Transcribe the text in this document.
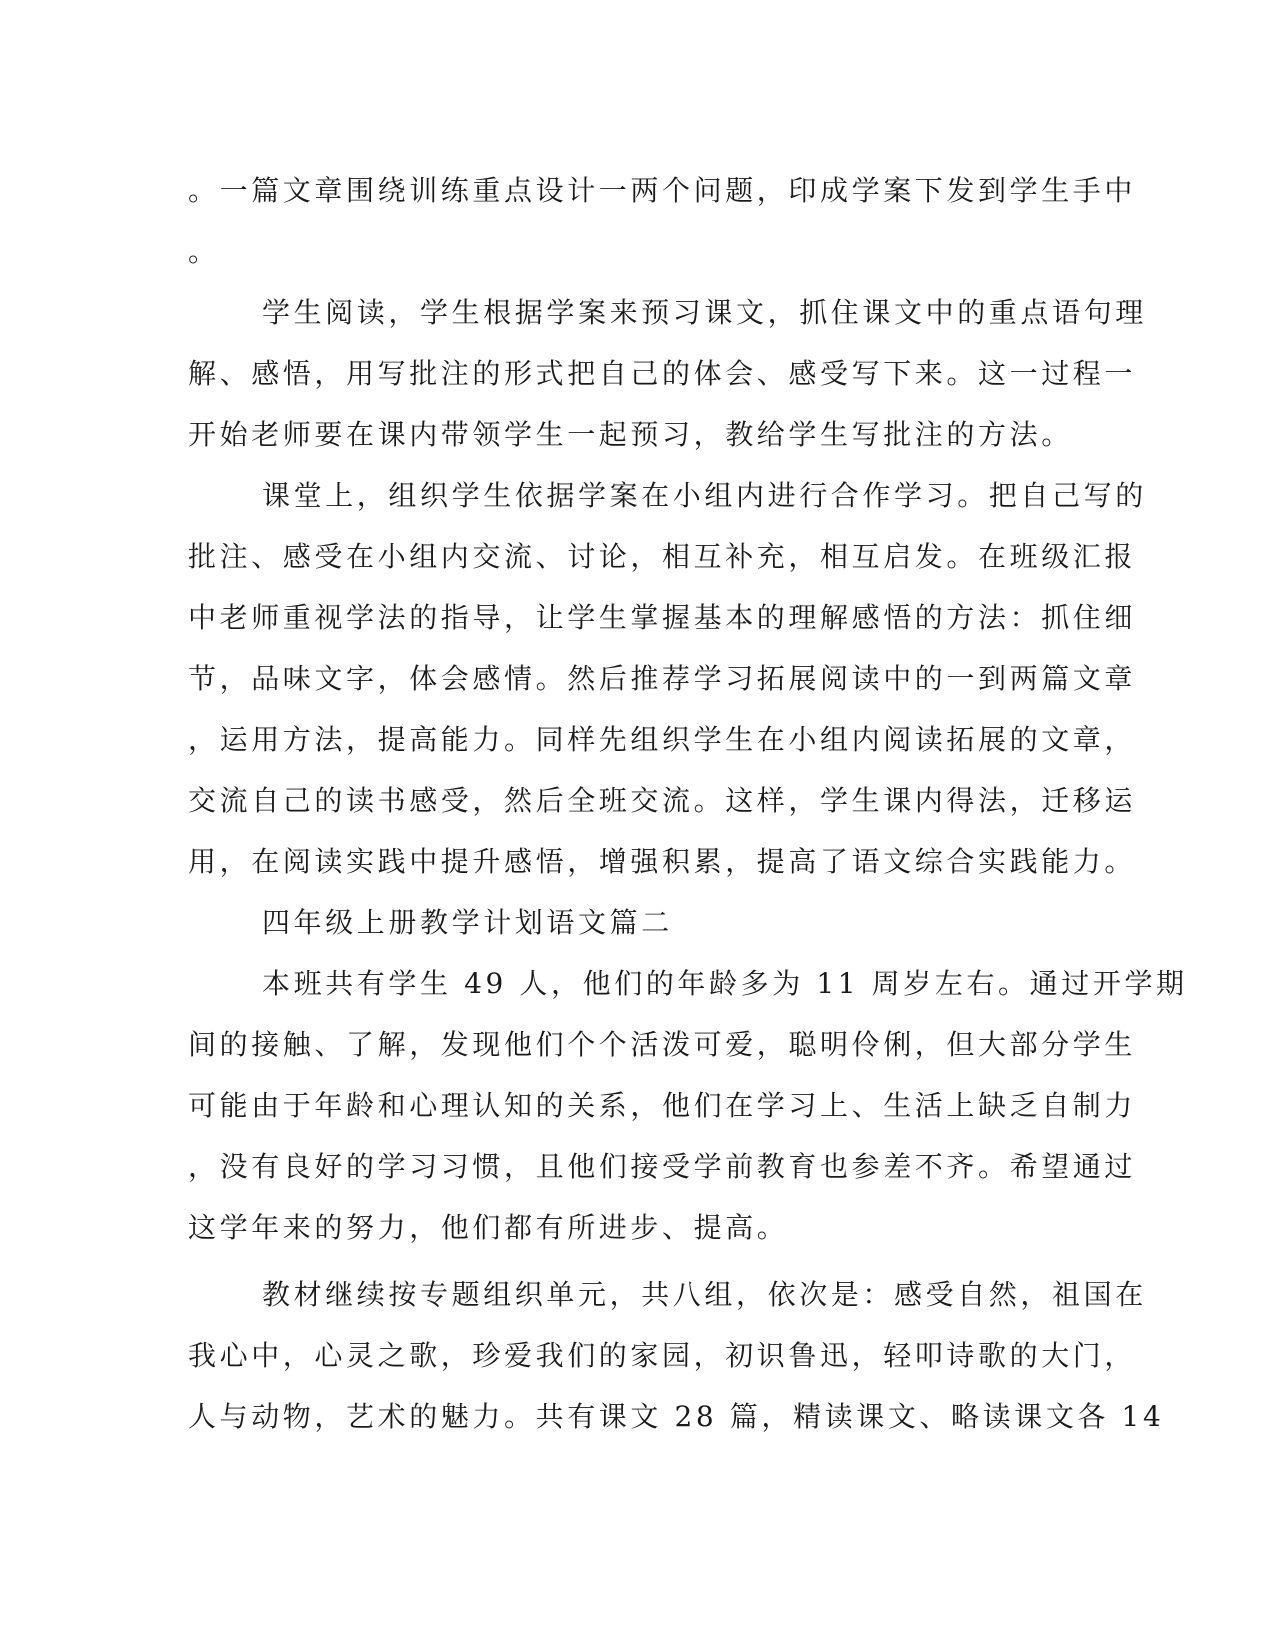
。一篇文章围绕训练重点设计一两个问题，印成学案下发到学生手中
。
学生阅读，学生根据学案来预习课文，抓住课文中的重点语句理
解、感悟，用写批注的形式把自己的体会、感受写下来。这一过程一
开始老师要在课内带领学生一起预习，教给学生写批注的方法。
课堂上，组织学生依据学案在小组内进行合作学习。把自己写的
批注、感受在小组内交流、讨论，相互补充，相互启发。在班级汇报
中老师重视学法的指导，让学生掌握基本的理解感悟的方法：抓住细
节，品味文字，体会感情。然后推荐学习拓展阅读中的一到两篇文章
，运用方法，提高能力。同样先组织学生在小组内阅读拓展的文章，
交流自己的读书感受，然后全班交流。这样，学生课内得法，迁移运
用，在阅读实践中提升感悟，增强积累，提高了语文综合实践能力。
四年级上册教学计划语文篇二
本班共有学生 49 人，他们的年龄多为 11 周岁左右。通过开学期
间的接触、了解，发现他们个个活泼可爱，聪明伶俐，但大部分学生
可能由于年龄和心理认知的关系，他们在学习上、生活上缺乏自制力
，没有良好的学习习惯，且他们接受学前教育也参差不齐。希望通过
这学年来的努力，他们都有所进步、提高。
教材继续按专题组织单元，共八组，依次是：感受自然，祖国在
我心中，心灵之歌，珍爱我们的家园，初识鲁迅，轻叩诗歌的大门，
人与动物，艺术的魅力。共有课文 28 篇，精读课文、略读课文各 14
